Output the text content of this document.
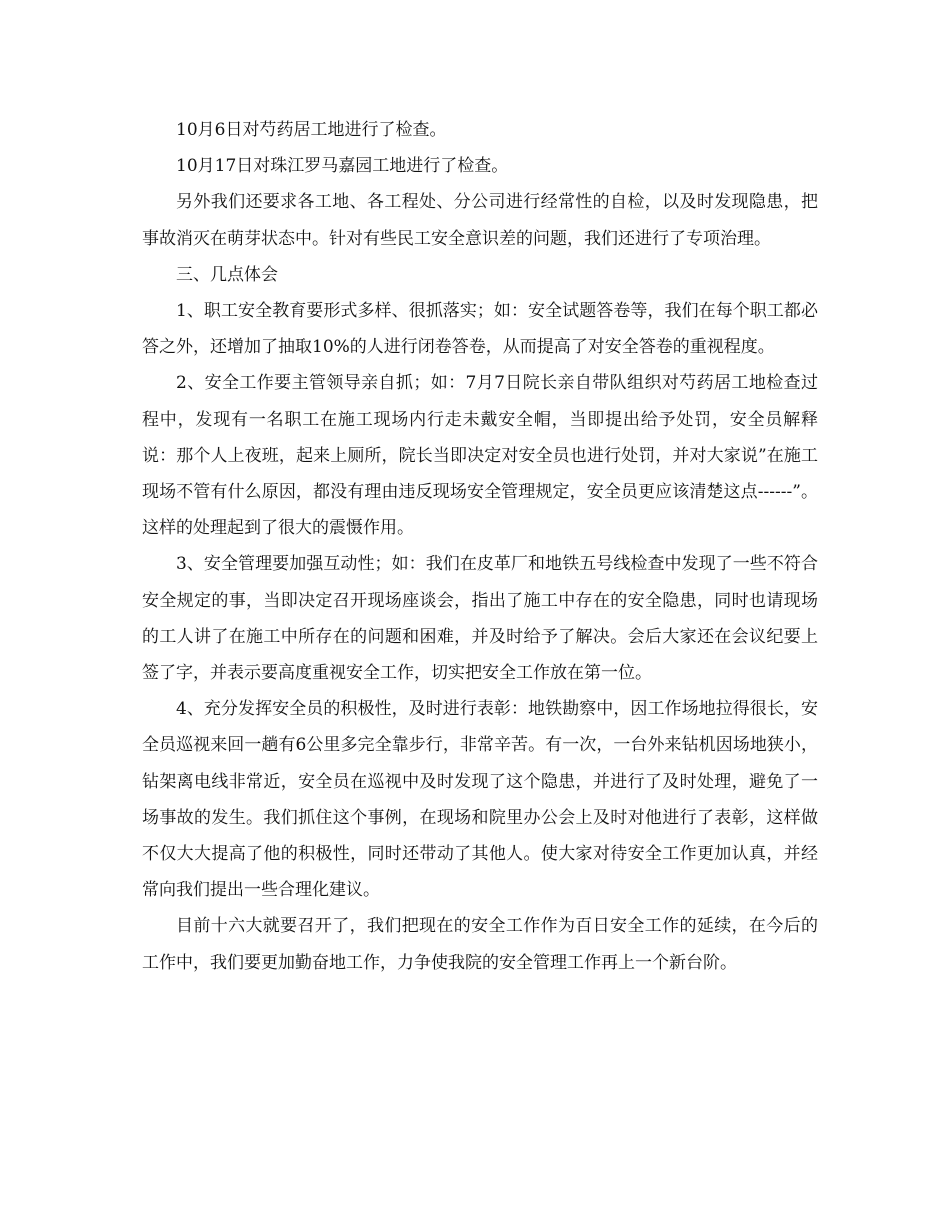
10月6日对芍药居工地进行了检查。

10月17日对珠江罗马嘉园工地进行了检查。

另外我们还要求各工地、各工程处、分公司进行经常性的自检，以及时发现隐患，把事故消灭在萌芽状态中。针对有些民工安全意识差的问题，我们还进行了专项治理。

三、几点体会

1、职工安全教育要形式多样、很抓落实；如：安全试题答卷等，我们在每个职工都必答之外，还增加了抽取10%的人进行闭卷答卷，从而提高了对安全答卷的重视程度。

2、安全工作要主管领导亲自抓；如：7月7日院长亲自带队组织对芍药居工地检查过程中，发现有一名职工在施工现场内行走未戴安全帽，当即提出给予处罚，安全员解释说：那个人上夜班，起来上厕所，院长当即决定对安全员也进行处罚，并对大家说”在施工现场不管有什么原因，都没有理由违反现场安全管理规定，安全员更应该清楚这点------”。这样的处理起到了很大的震慑作用。

3、安全管理要加强互动性；如：我们在皮革厂和地铁五号线检查中发现了一些不符合安全规定的事，当即决定召开现场座谈会，指出了施工中存在的安全隐患，同时也请现场的工人讲了在施工中所存在的问题和困难，并及时给予了解决。会后大家还在会议纪要上签了字，并表示要高度重视安全工作，切实把安全工作放在第一位。

4、充分发挥安全员的积极性，及时进行表彰：地铁勘察中，因工作场地拉得很长，安全员巡视来回一趟有6公里多完全靠步行，非常辛苦。有一次，一台外来钻机因场地狭小，钻架离电线非常近，安全员在巡视中及时发现了这个隐患，并进行了及时处理，避免了一场事故的发生。我们抓住这个事例，在现场和院里办公会上及时对他进行了表彰，这样做不仅大大提高了他的积极性，同时还带动了其他人。使大家对待安全工作更加认真，并经常向我们提出一些合理化建议。

目前十六大就要召开了，我们把现在的安全工作作为百日安全工作的延续，在今后的工作中，我们要更加勤奋地工作，力争使我院的安全管理工作再上一个新台阶。
